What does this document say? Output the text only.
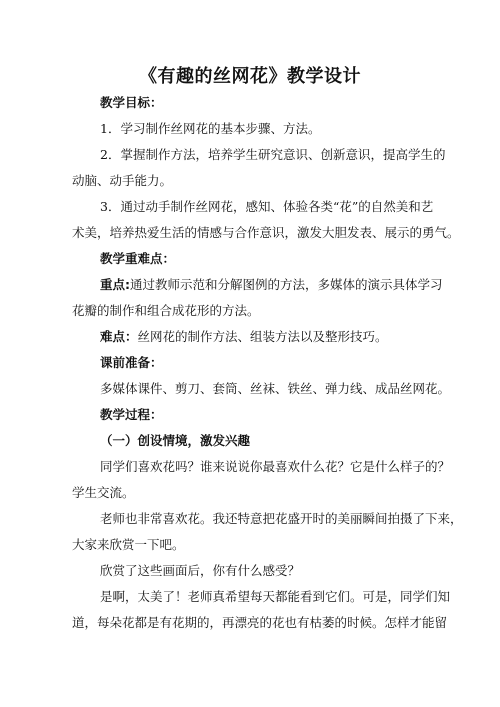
《有趣的丝网花》教学设计
教学目标：
1．学习制作丝网花的基本步骤、方法。
2．掌握制作方法，培养学生研究意识、创新意识，提高学生的
动脑、动手能力。
3．通过动手制作丝网花，感知、体验各类“花”的自然美和艺
术美，培养热爱生活的情感与合作意识，激发大胆发表、展示的勇气。
教学重难点：
重点:通过教师示范和分解图例的方法，多媒体的演示具体学习
花瓣的制作和组合成花形的方法。
难点：丝网花的制作方法、组装方法以及整形技巧。
课前准备：
多媒体课件、剪刀、套筒、丝袜、铁丝、弹力线、成品丝网花。
教学过程：
（一）创设情境，激发兴趣
同学们喜欢花吗？谁来说说你最喜欢什么花？它是什么样子的？
学生交流。
老师也非常喜欢花。我还特意把花盛开时的美丽瞬间拍摄了下来，
大家来欣赏一下吧。
欣赏了这些画面后，你有什么感受？
是啊，太美了！老师真希望每天都能看到它们。可是，同学们知
道，每朵花都是有花期的，再漂亮的花也有枯萎的时候。怎样才能留
